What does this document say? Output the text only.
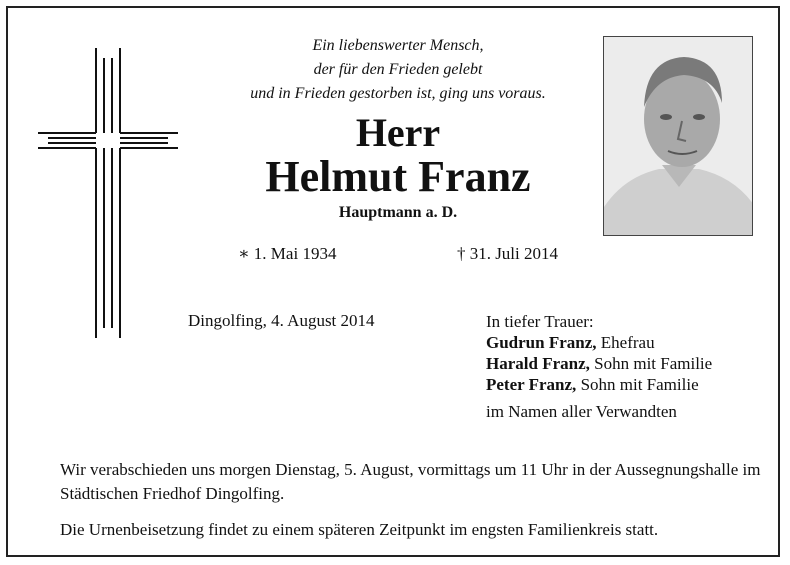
Ein liebenswerter Mensch,
der für den Frieden gelebt
und in Frieden gestorben ist, ging uns voraus.
Herr
Helmut Franz
Hauptmann a. D.
∗ 1. Mai 1934	† 31. Juli 2014
Dingolfing, 4. August 2014	In tiefer Trauer:
Gudrun Franz, Ehefrau
Harald Franz, Sohn mit Familie
Peter Franz, Sohn mit Familie
im Namen aller Verwandten

Wir verabschieden uns morgen Dienstag, 5. August, vormittags um 11 Uhr in der Aussegnungshalle im Städtischen Friedhof Dingolfing.

Die Urnenbeisetzung findet zu einem späteren Zeitpunkt im engsten Familienkreis statt.
